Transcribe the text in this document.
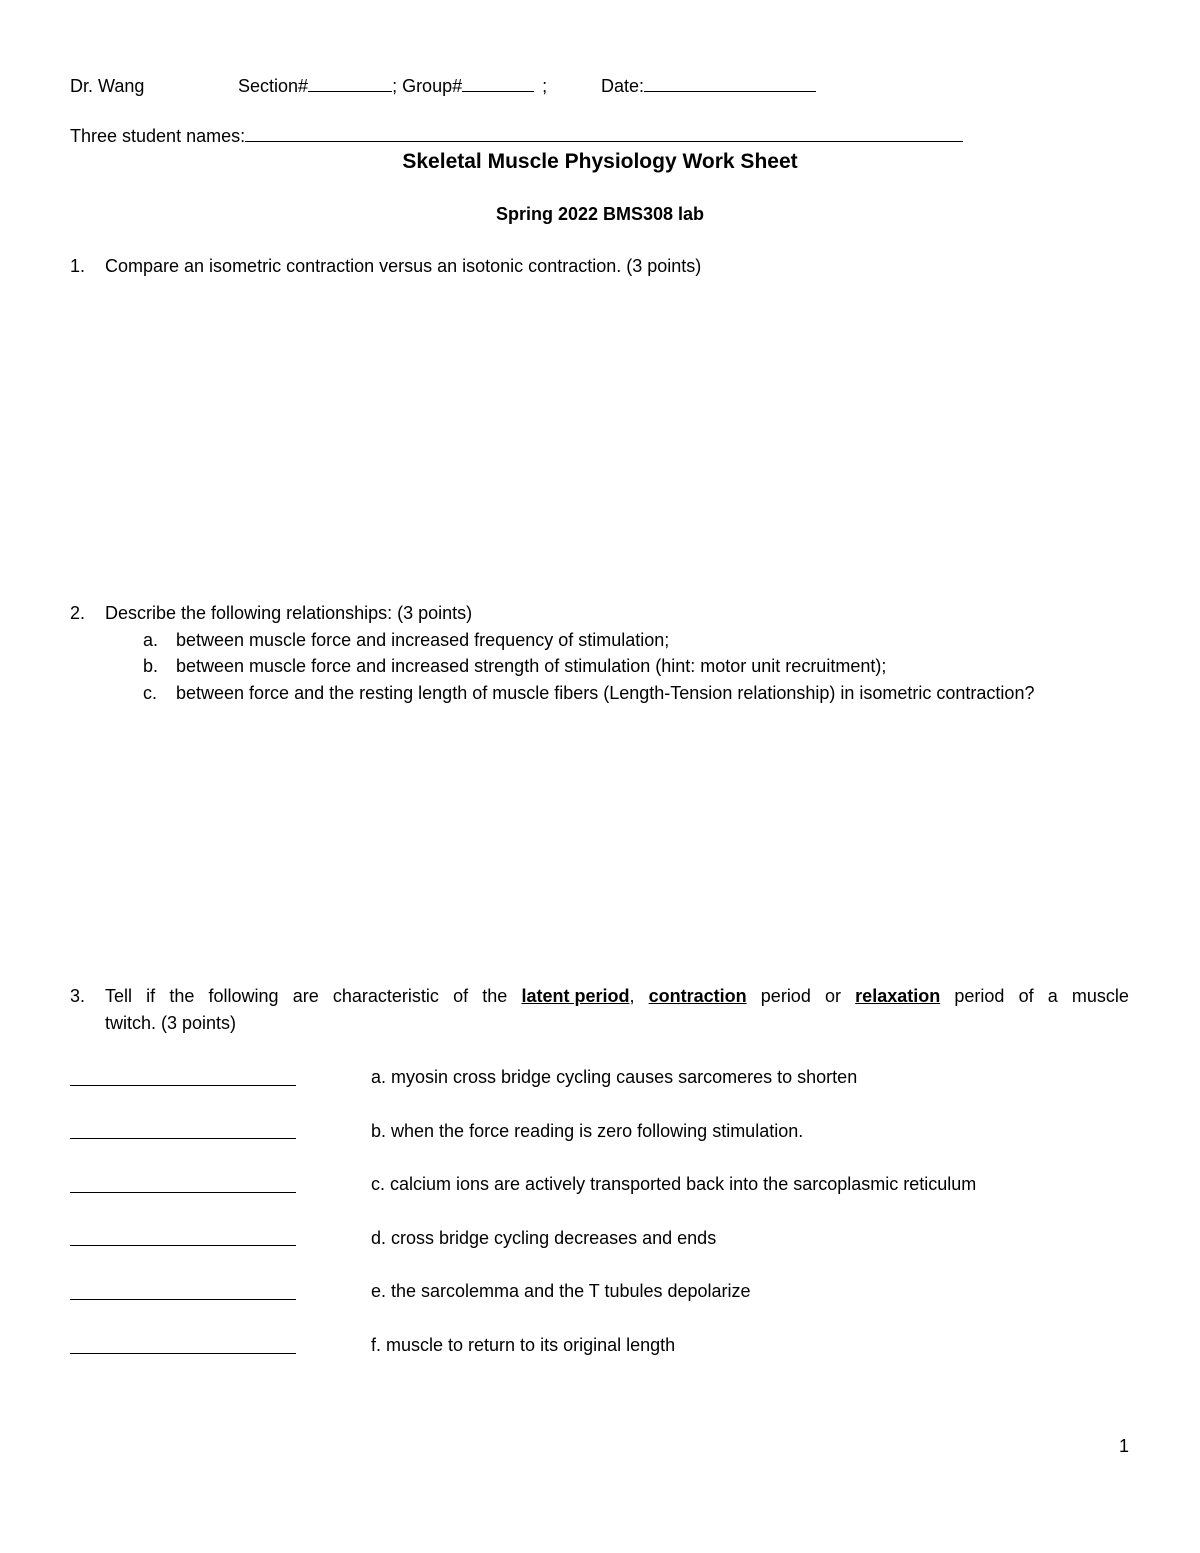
Dr. Wang	Section#	; Group#	;	Date:
Three student names:
Skeletal Muscle Physiology Work Sheet
Spring 2022 BMS308 lab
1. Compare an isometric contraction versus an isotonic contraction. (3 points)
2. Describe the following relationships: (3 points)
a. between muscle force and increased frequency of stimulation;
b. between muscle force and increased strength of stimulation (hint: motor unit recruitment);
c. between force and the resting length of muscle fibers (Length-Tension relationship) in isometric contraction?
3. Tell if the following are characteristic of the latent period, contraction period or relaxation period of a muscle
twitch. (3 points)
a. myosin cross bridge cycling causes sarcomeres to shorten
b. when the force reading is zero following stimulation.
c. calcium ions are actively transported back into the sarcoplasmic reticulum
d. cross bridge cycling decreases and ends
e. the sarcolemma and the T tubules depolarize
f. muscle to return to its original length
1
